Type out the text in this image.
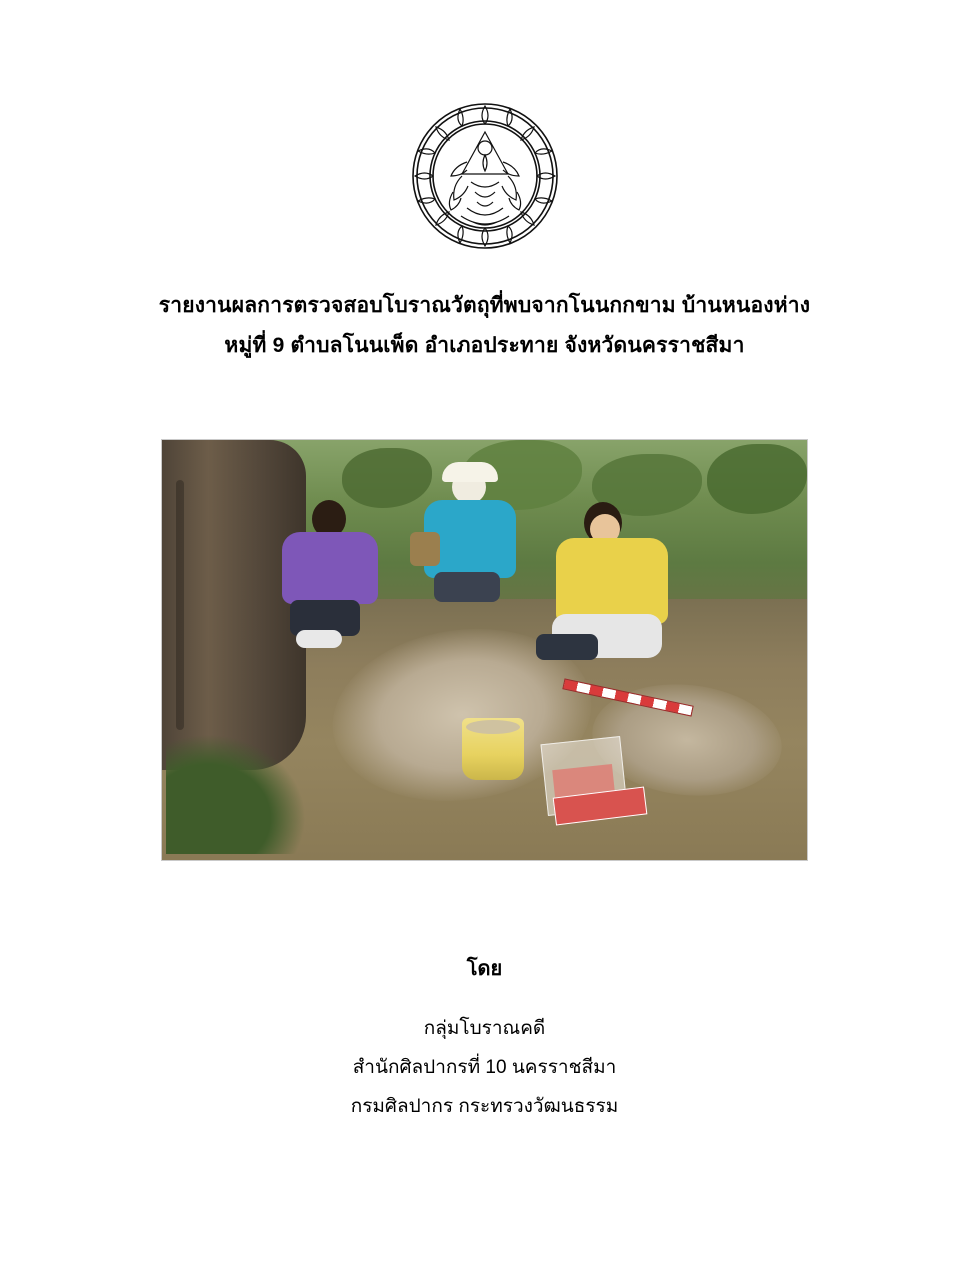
รายงานผลการตรวจสอบโบราณวัตถุที่พบจากโนนกกขาม บ้านหนองห่าง
หมู่ที่ 9 ตำบลโนนเพ็ด อำเภอประทาย จังหวัดนครราชสีมา
โดย
กลุ่มโบราณคดี
สำนักศิลปากรที่ 10 นครราชสีมา
กรมศิลปากร กระทรวงวัฒนธรรม
